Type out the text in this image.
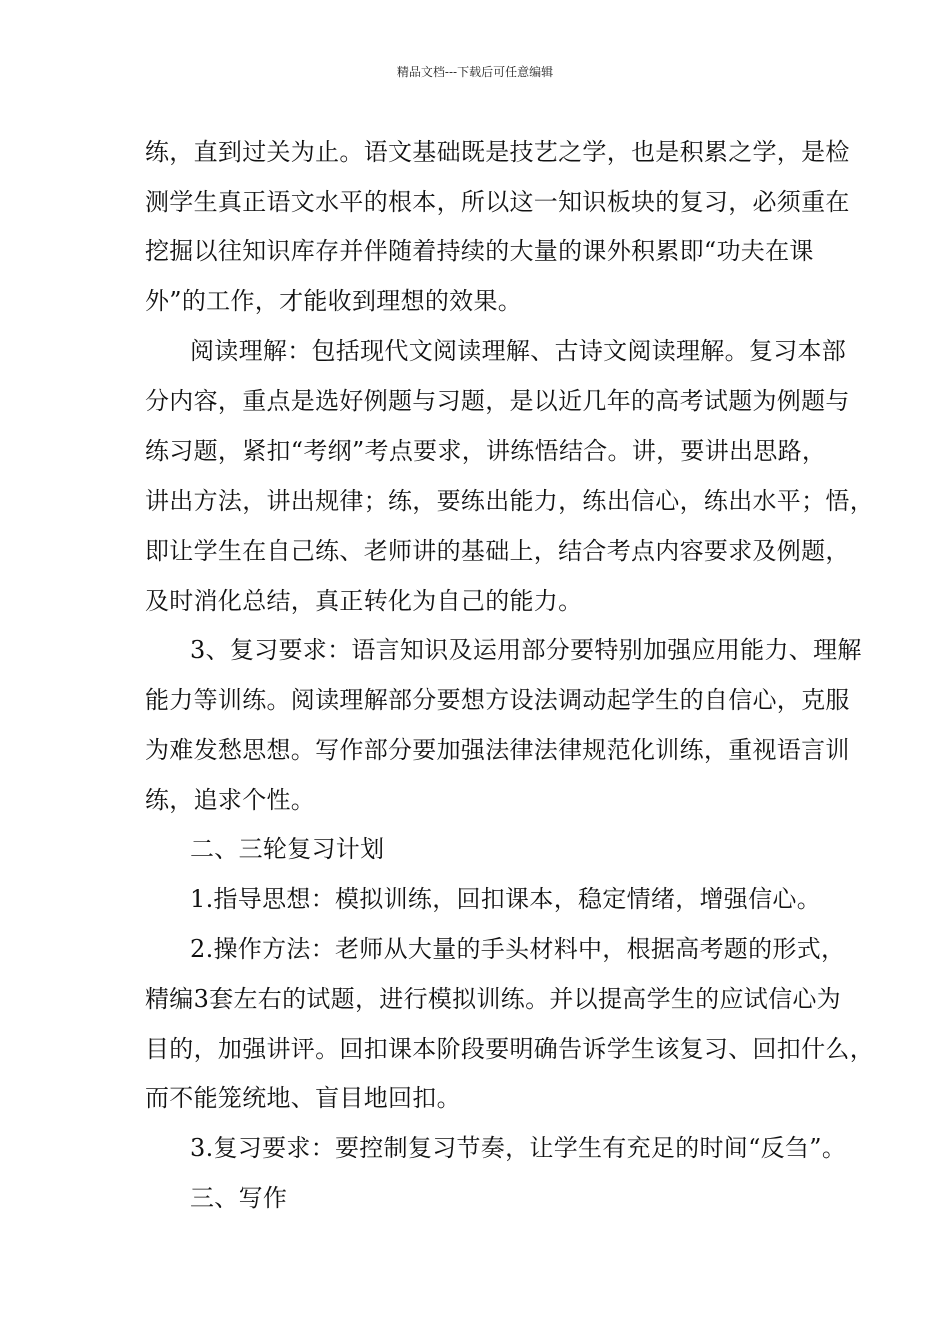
精品文档---下载后可任意编辑
练，直到过关为止。语文基础既是技艺之学，也是积累之学，是检
测学生真正语文水平的根本，所以这一知识板块的复习，必须重在
挖掘以往知识库存并伴随着持续的大量的课外积累即“功夫在课
外”的工作，才能收到理想的效果。
阅读理解：包括现代文阅读理解、古诗文阅读理解。复习本部
分内容，重点是选好例题与习题，是以近几年的高考试题为例题与
练习题，紧扣“考纲”考点要求，讲练悟结合。讲，要讲出思路，
讲出方法，讲出规律；练，要练出能力，练出信心，练出水平；悟，
即让学生在自己练、老师讲的基础上，结合考点内容要求及例题，
及时消化总结，真正转化为自己的能力。
3、复习要求：语言知识及运用部分要特别加强应用能力、理解
能力等训练。阅读理解部分要想方设法调动起学生的自信心，克服
为难发愁思想。写作部分要加强法律法律规范化训练，重视语言训
练，追求个性。
二、三轮复习计划
1.指导思想：模拟训练，回扣课本，稳定情绪，增强信心。
2.操作方法：老师从大量的手头材料中，根据高考题的形式，
精编3套左右的试题，进行模拟训练。并以提高学生的应试信心为
目的，加强讲评。回扣课本阶段要明确告诉学生该复习、回扣什么，
而不能笼统地、盲目地回扣。
3.复习要求：要控制复习节奏，让学生有充足的时间“反刍”。
三、写作
